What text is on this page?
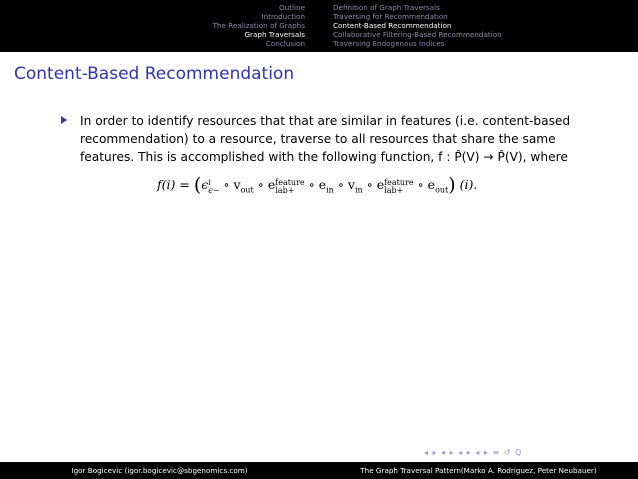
Outline
Introduction
The Realization of Graphs
Graph Traversals
Conclusion
Definition of Graph Traversals
Traversing for Recommendation
Content-Based Recommendation
Collaborative Filtering-Based Recommendation
Traversing Endogenous Indices
Content-Based Recommendation
In order to identify resources that that are similar in features (i.e. content-based recommendation) to a resource, traverse to all resources that share the same features. This is accomplished with the following function, f : P̂(V) → P̂(V), where
f(i) = (ϵi
ϵ− ∘ $v_{out}$ ∘ efeature
lab+ ∘ $e_{in}$ ∘ $v_{in}$ ∘ efeature
lab+ ∘ $e_{out}$) (i).
◂ ▸ ◂ ▸ ◂ ▸ ◂ ▸ ≡ ↺ Q
Igor Bogicevic (igor.bogicevic@sbgenomics.com)	The Graph Traversal Pattern(Marko A. Rodriguez, Peter Neubauer)
